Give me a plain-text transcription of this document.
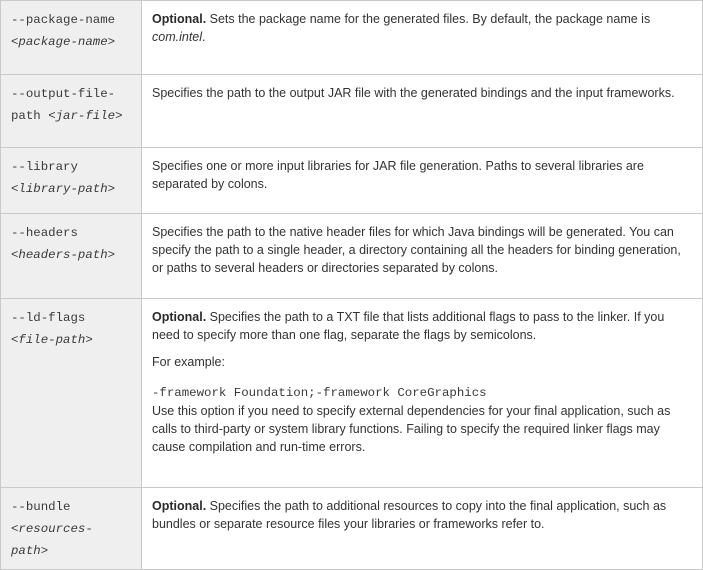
--package-name
<package-name>	Optional. Sets the package name for the generated files. By default, the package name is com.intel.

--output-file-
path <jar-file>	Specifies the path to the output JAR file with the generated bindings and the input frameworks.

--library
<library-path>	Specifies one or more input libraries for JAR file generation. Paths to several libraries are separated by colons.

--headers
<headers-path>	Specifies the path to the native header files for which Java bindings will be generated. You can specify the path to a single header, a directory containing all the headers for binding generation, or paths to several headers or directories separated by colons.

--ld-flags
<file-path>	Optional. Specifies the path to a TXT file that lists additional flags to pass to the linker. If you need to specify more than one flag, separate the flags by semicolons.
For example:
-framework Foundation;-framework CoreGraphics
Use this option if you need to specify external dependencies for your final application, such as calls to third-party or system library functions. Failing to specify the required linker flags may cause compilation and run-time errors.

--bundle
<resources-
path>	Optional. Specifies the path to additional resources to copy into the final application, such as bundles or separate resource files your libraries or frameworks refer to.
